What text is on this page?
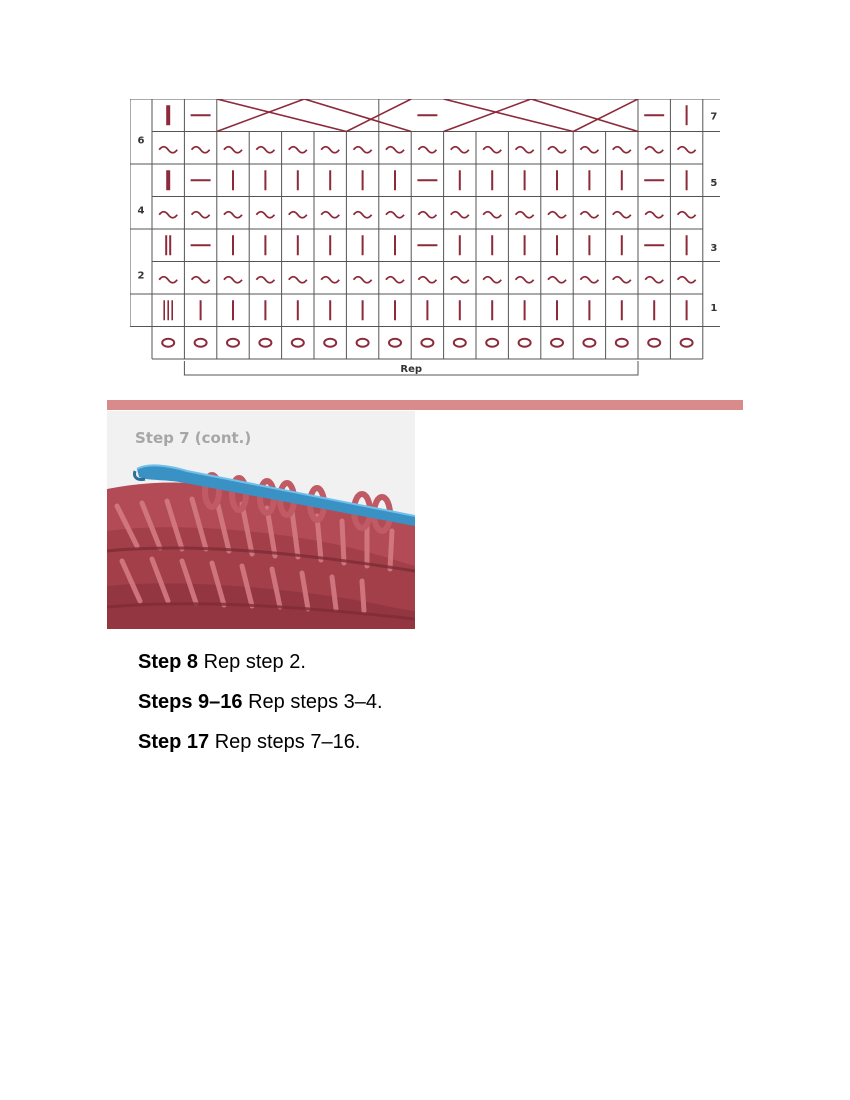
7
6
5
4
3
2
1
Rep
Step 7 (cont.)
Step 8 Rep step 2.
Steps 9–16 Rep steps 3–4.
Step 17 Rep steps 7–16.
